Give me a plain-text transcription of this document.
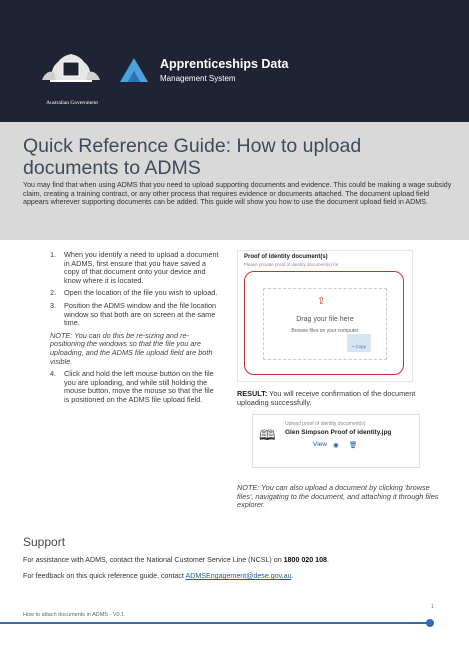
Australian Government
Apprenticeships Data
Management System
Quick Reference Guide: How to upload documents to ADMS
You may find that when using ADMS that you need to upload supporting documents and evidence. This could be making a wage subsidy claim, creating a training contract, or any other process that requires evidence or documents attached. The document upload field appears wherever supporting documents can be added. This guide will show you how to use the document upload field in ADMS.
1.	When you identify a need to upload a document in ADMS, first ensure that you have saved a copy of that document onto your device and know where it is located.
2.	Open the location of the file you wish to upload.
3.	Position the ADMS window and the file location window so that both are on screen at the same time.
NOTE: You can do this be re-sizing and re-positioning the windows so that the file you are uploading, and the ADMS file upload field are both visible.
4.	Click and hold the left mouse button on the file you are uploading, and while still holding the mouse button, move the mouse so that the file is positioned on the ADMS file upload field.
Proof of identity document(s)
Please provide proof of identity document(s) for
⇪
Drag your file here
Browse files on your computer
+ Copy
RESULT: You will receive confirmation of the document uploading successfully.
🕮
Upload proof of identity document(s)
Glen Simpson Proof of identity.jpg
View ◉ 🗑
NOTE: You can also upload a document by clicking 'browse files', navigating to the document, and attaching it through files explorer.
Support
For assistance with ADMS, contact the National Customer Service Line (NCSL) on 1800 020 108.
For feedback on this quick reference guide, contact ADMSEngagement@dese.gov.au.
1
How to attach documents in ADMS - V0.1
